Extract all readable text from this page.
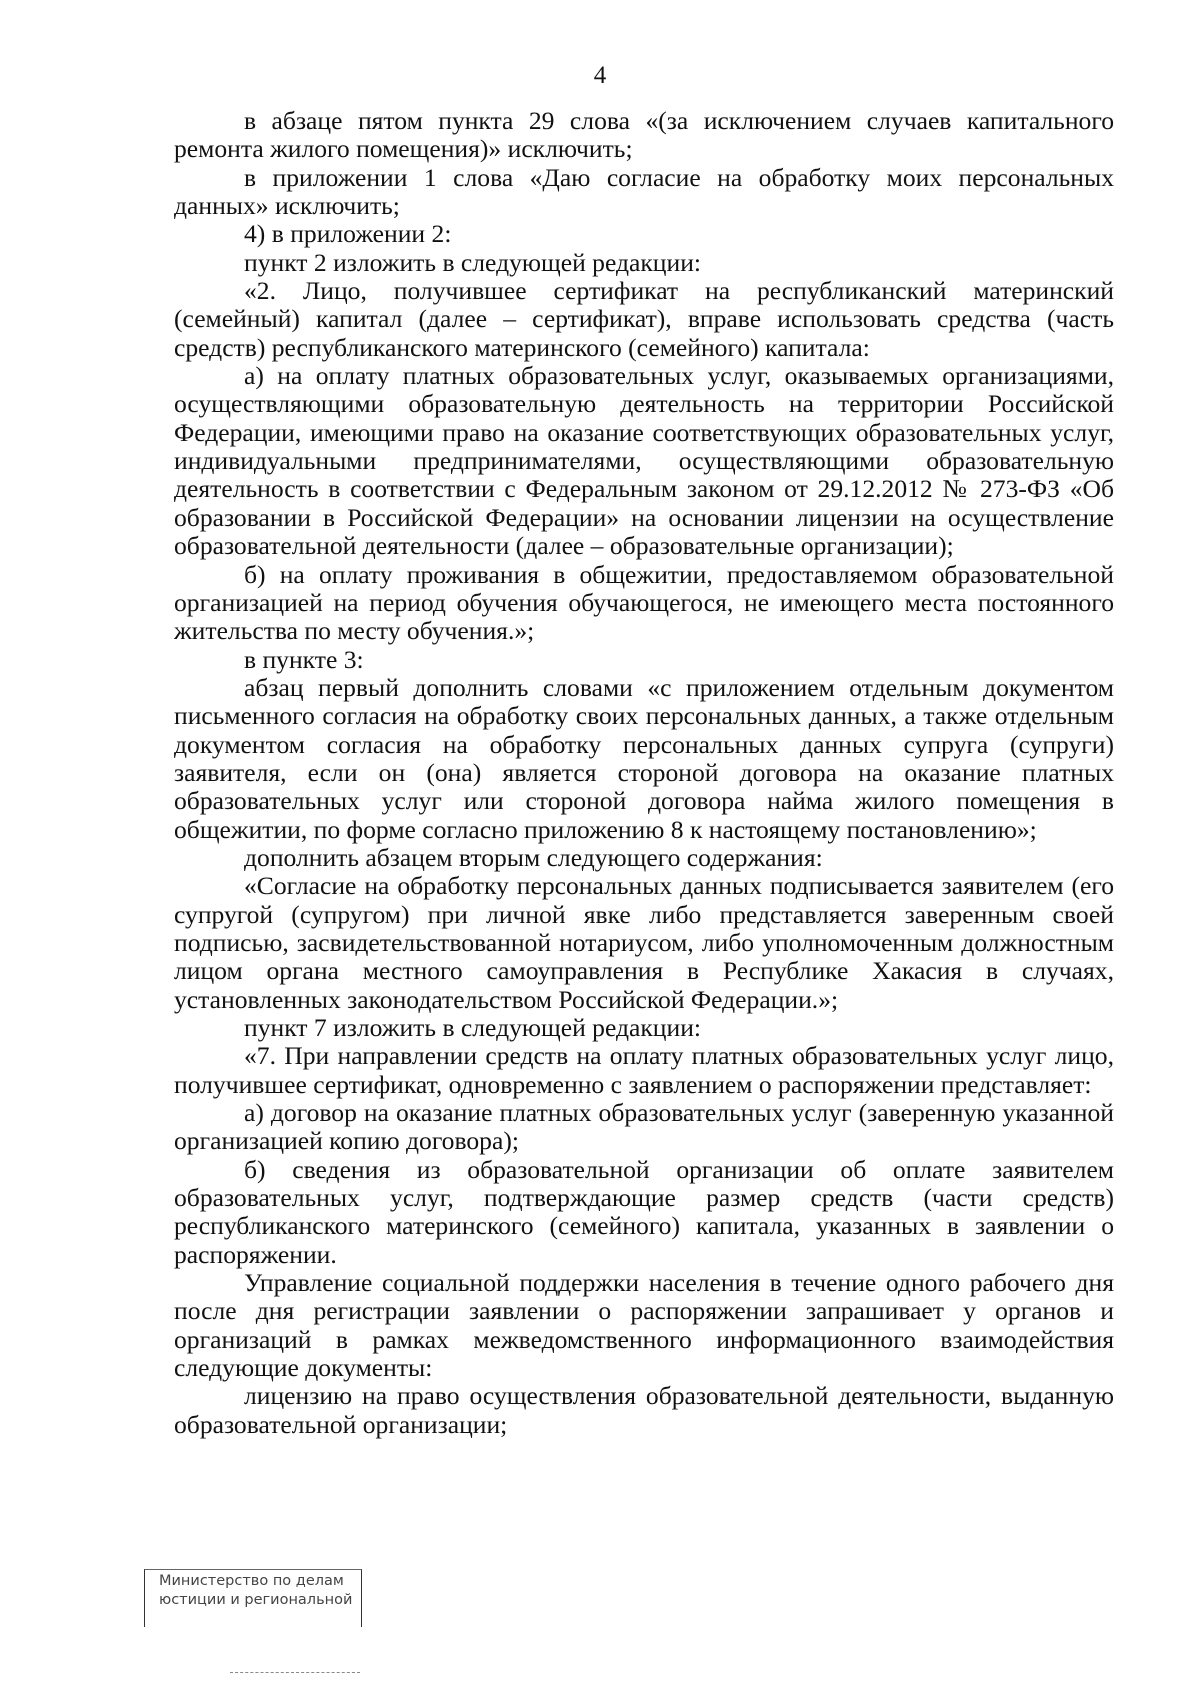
4

в абзаце пятом пункта 29 слова «(за исключением случаев капитального ремонта жилого помещения)» исключить;

в приложении 1 слова «Даю согласие на обработку моих персональных данных» исключить;

4) в приложении 2:

пункт 2 изложить в следующей редакции:

«2. Лицо, получившее сертификат на республиканский материнский (семейный) капитал (далее – сертификат), вправе использовать средства (часть средств) республиканского материнского (семейного) капитала:

а) на оплату платных образовательных услуг, оказываемых организациями, осуществляющими образовательную деятельность на территории Российской Федерации, имеющими право на оказание соответствующих образовательных услуг, индивидуальными предпринимателями, осуществляющими образовательную деятельность в соответствии с Федеральным законом от 29.12.2012 № 273-ФЗ «Об образовании в Российской Федерации» на основании лицензии на осуществление образовательной деятельности (далее – образовательные организации);

б) на оплату проживания в общежитии, предоставляемом образовательной организацией на период обучения обучающегося, не имеющего места постоянного жительства по месту обучения.»;

в пункте 3:

абзац первый дополнить словами «с приложением отдельным документом письменного согласия на обработку своих персональных данных, а также отдельным документом согласия на обработку персональных данных супруга (супруги) заявителя, если он (она) является стороной договора на оказание платных образовательных услуг или стороной договора найма жилого помещения в общежитии, по форме согласно приложению 8 к настоящему постановлению»;

дополнить абзацем вторым следующего содержания:

«Согласие на обработку персональных данных подписывается заявителем (его супругой (супругом) при личной явке либо представляется заверенным своей подписью, засвидетельствованной нотариусом, либо уполномоченным должностным лицом органа местного самоуправления в Республике Хакасия в случаях, установленных законодательством Российской Федерации.»;

пункт 7 изложить в следующей редакции:

«7. При направлении средств на оплату платных образовательных услуг лицо, получившее сертификат, одновременно с заявлением о распоряжении представляет:

а) договор на оказание платных образовательных услуг (заверенную указанной организацией копию договора);

б) сведения из образовательной организации об оплате заявителем образовательных услуг, подтверждающие размер средств (части средств) республиканского материнского (семейного) капитала, указанных в заявлении о распоряжении.

Управление социальной поддержки населения в течение одного рабочего дня после дня регистрации заявлении о распоряжении запрашивает у органов и организаций в рамках межведомственного информационного взаимодействия следующие документы:

лицензию на право осуществления образовательной деятельности, выданную образовательной организации;

Министерство по делам
юстиции и региональной
